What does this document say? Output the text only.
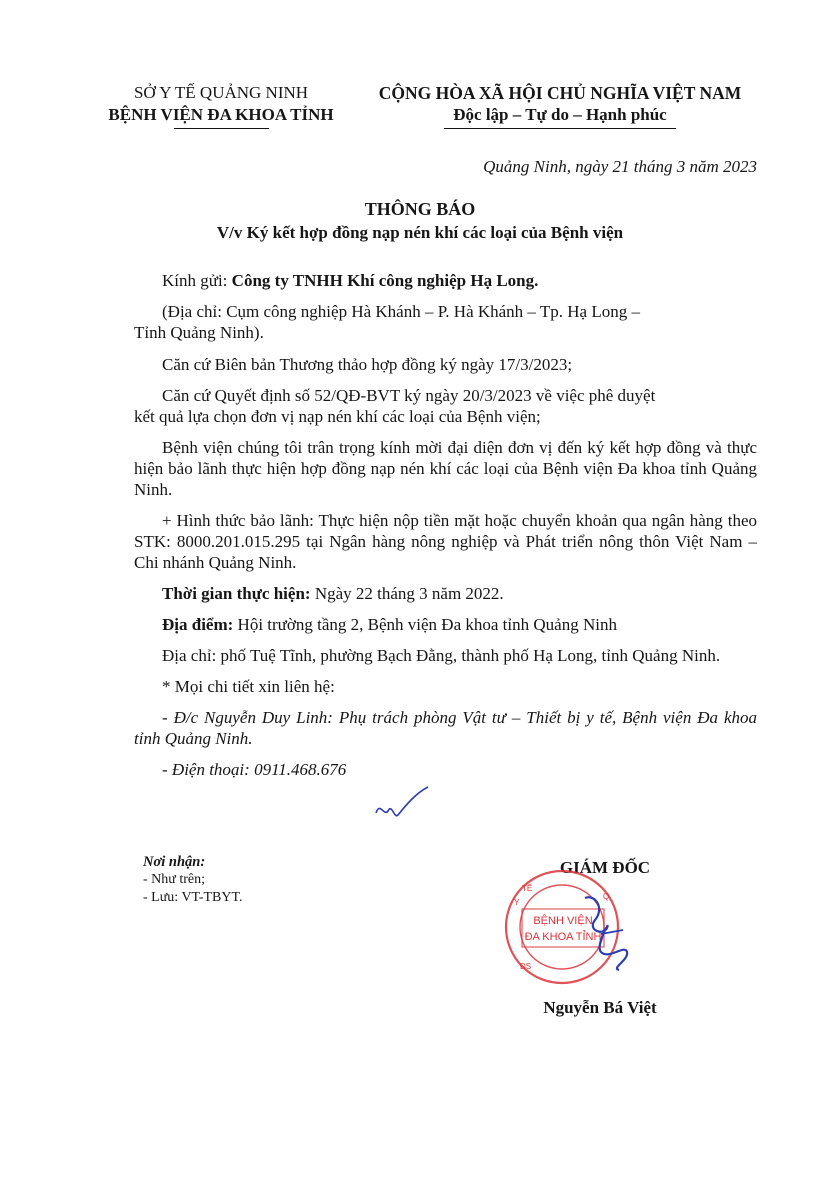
SỞ Y TẾ QUẢNG NINH
BỆNH VIỆN ĐA KHOA TỈNH
CỘNG HÒA XÃ HỘI CHỦ NGHĨA VIỆT NAM
Độc lập – Tự do – Hạnh phúc
Quảng Ninh, ngày 21 tháng 3 năm 2023
THÔNG BÁO
V/v Ký kết hợp đồng nạp nén khí các loại của Bệnh viện

Kính gửi: Công ty TNHH Khí công nghiệp Hạ Long.

(Địa chỉ: Cụm công nghiệp Hà Khánh – P. Hà Khánh – Tp. Hạ Long –
Tỉnh Quảng Ninh).

Căn cứ Biên bản Thương thảo hợp đồng ký ngày 17/3/2023;

Căn cứ Quyết định số 52/QĐ-BVT ký ngày 20/3/2023 về việc phê duyệt
kết quả lựa chọn đơn vị nạp nén khí các loại của Bệnh viện;

Bệnh viện chúng tôi trân trọng kính mời đại diện đơn vị đến ký kết hợp đồng và thực hiện bảo lãnh thực hiện hợp đồng nạp nén khí các loại của Bệnh viện Đa khoa tỉnh Quảng Ninh.

+ Hình thức bảo lãnh: Thực hiện nộp tiền mặt hoặc chuyển khoản qua ngân hàng theo STK: 8000.201.015.295 tại Ngân hàng nông nghiệp và Phát triển nông thôn Việt Nam – Chi nhánh Quảng Ninh.

Thời gian thực hiện: Ngày 22 tháng 3 năm 2022.

Địa điểm: Hội trường tầng 2, Bệnh viện Đa khoa tỉnh Quảng Ninh

Địa chỉ: phố Tuệ Tĩnh, phường Bạch Đằng, thành phố Hạ Long, tỉnh Quảng Ninh.

* Mọi chi tiết xin liên hệ:

- Đ/c Nguyễn Duy Linh: Phụ trách phòng Vật tư – Thiết bị y tế, Bệnh viện Đa khoa tỉnh Quảng Ninh.

- Điện thoại: 0911.468.676

Nơi nhận:
- Như trên;
- Lưu: VT-TBYT.
GIÁM ĐỐC
BỆNH VIỆN
ĐA KHOA TỈNH
Y
TẾ
Q
ĐS
Nguyễn Bá Việt
